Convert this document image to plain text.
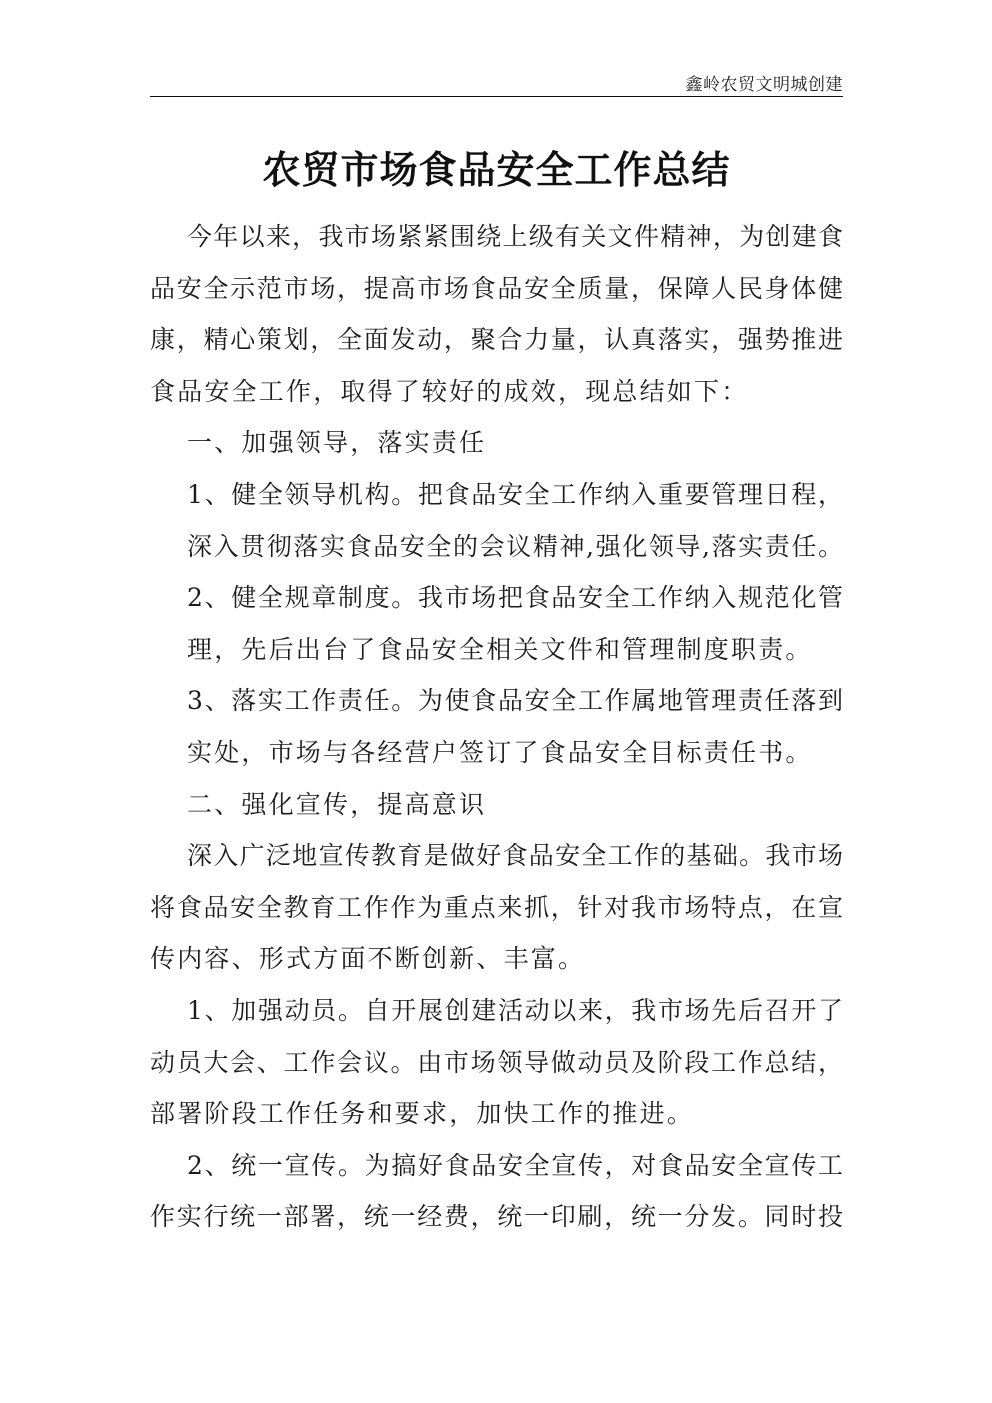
鑫岭农贸文明城创建
农贸市场食品安全工作总结
今年以来，我市场紧紧围绕上级有关文件精神，为创建食
品安全示范市场，提高市场食品安全质量，保障人民身体健
康，精心策划，全面发动，聚合力量，认真落实，强势推进
食品安全工作，取得了较好的成效，现总结如下：
一、加强领导，落实责任
1、健全领导机构。把食品安全工作纳入重要管理日程，
深入贯彻落实食品安全的会议精神,强化领导,落实责任。
2、健全规章制度。我市场把食品安全工作纳入规范化管
理，先后出台了食品安全相关文件和管理制度职责。
3、落实工作责任。为使食品安全工作属地管理责任落到
实处，市场与各经营户签订了食品安全目标责任书。
二、强化宣传，提高意识
深入广泛地宣传教育是做好食品安全工作的基础。我市场
将食品安全教育工作作为重点来抓，针对我市场特点，在宣
传内容、形式方面不断创新、丰富。
1、加强动员。自开展创建活动以来，我市场先后召开了
动员大会、工作会议。由市场领导做动员及阶段工作总结，
部署阶段工作任务和要求，加快工作的推进。
2、统一宣传。为搞好食品安全宣传，对食品安全宣传工
作实行统一部署，统一经费，统一印刷，统一分发。同时投
